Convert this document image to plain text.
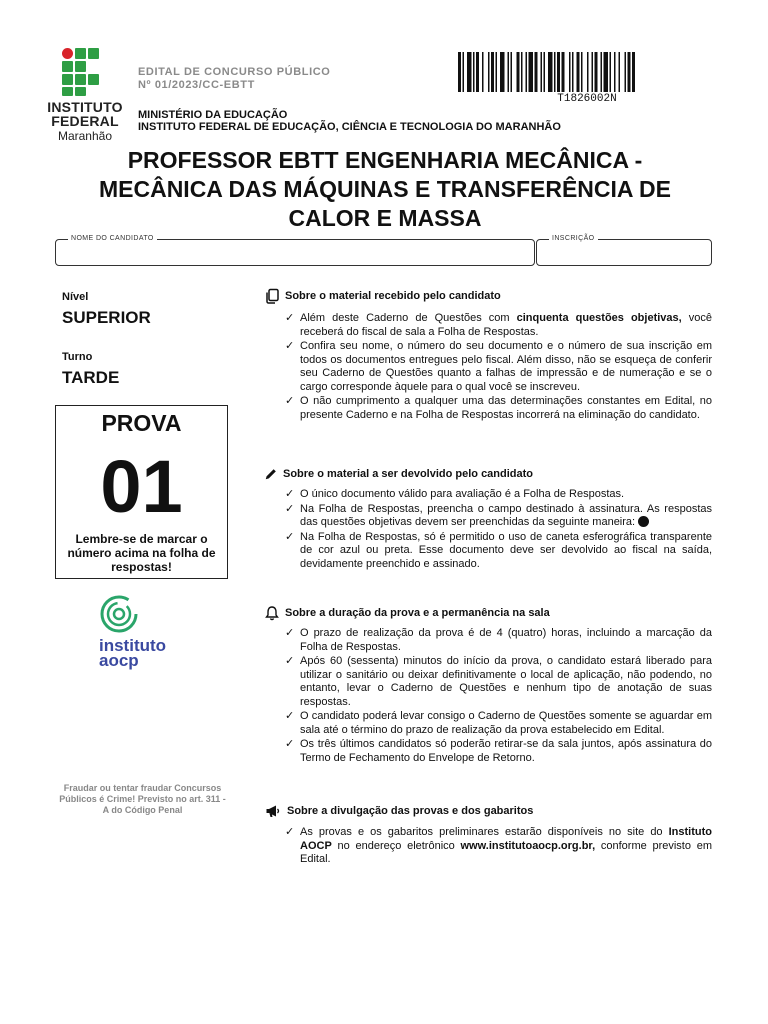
INSTITUTO
FEDERAL
Maranhão
EDITAL DE CONCURSO PÚBLICO
Nº 01/2023/CC-EBTT
MINISTÉRIO DA EDUCAÇÃO
INSTITUTO FEDERAL DE EDUCAÇÃO, CIÊNCIA E TECNOLOGIA DO MARANHÃO
T1826002N
PROFESSOR EBTT ENGENHARIA MECÂNICA -
MECÂNICA DAS MÁQUINAS E TRANSFERÊNCIA DE
CALOR E MASSA
NOME DO CANDIDATO	INSCRIÇÃO
Nível
SUPERIOR
Turno
TARDE
PROVA
01
Lembre-se de marcar o número acima na folha de respostas!
instituto
aocp
Fraudar ou tentar fraudar Concursos Públicos é Crime! Previsto no art. 311 - A do Código Penal
Sobre o material recebido pelo candidato
✓ Além deste Caderno de Questões com cinquenta questões objetivas, você receberá do fiscal de sala a Folha de Respostas.
✓ Confira seu nome, o número do seu documento e o número de sua inscrição em todos os documentos entregues pelo fiscal. Além disso, não se esqueça de conferir seu Caderno de Questões quanto a falhas de impressão e de numeração e se o cargo corresponde àquele para o qual você se inscreveu.
✓ O não cumprimento a qualquer uma das determinações constantes em Edital, no presente Caderno e na Folha de Respostas incorrerá na eliminação do candidato.
Sobre o material a ser devolvido pelo candidato
✓ O único documento válido para avaliação é a Folha de Respostas.
✓ Na Folha de Respostas, preencha o campo destinado à assinatura. As respostas das questões objetivas devem ser preenchidas da seguinte maneira:
✓ Na Folha de Respostas, só é permitido o uso de caneta esferográfica transparente de cor azul ou preta. Esse documento deve ser devolvido ao fiscal na saída, devidamente preenchido e assinado.
Sobre a duração da prova e a permanência na sala
✓ O prazo de realização da prova é de 4 (quatro) horas, incluindo a marcação da Folha de Respostas.
✓ Após 60 (sessenta) minutos do início da prova, o candidato estará liberado para utilizar o sanitário ou deixar definitivamente o local de aplicação, não podendo, no entanto, levar o Caderno de Questões e nenhum tipo de anotação de suas respostas.
✓ O candidato poderá levar consigo o Caderno de Questões somente se aguardar em sala até o término do prazo de realização da prova estabelecido em Edital.
✓ Os três últimos candidatos só poderão retirar-se da sala juntos, após assinatura do Termo de Fechamento do Envelope de Retorno.
Sobre a divulgação das provas e dos gabaritos
✓ As provas e os gabaritos preliminares estarão disponíveis no site do Instituto AOCP no endereço eletrônico www.institutoaocp.org.br, conforme previsto em Edital.
